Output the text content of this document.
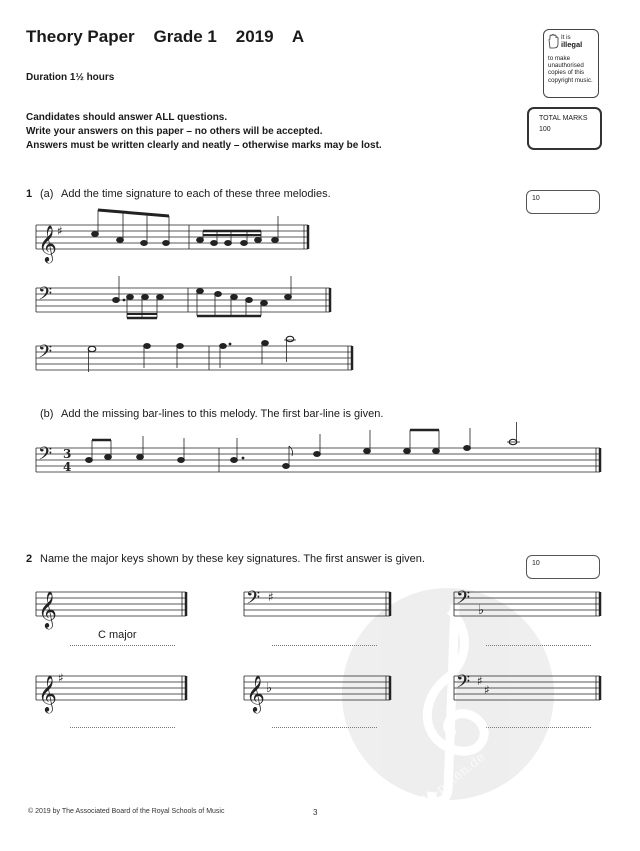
Theory Paper    Grade 1    2019    A
Duration 1½ hours
Candidates should answer ALL questions.
Write your answers on this paper – no others will be accepted.
Answers must be written clearly and neatly – otherwise marks may be lost.
It is
illegal
to make unauthorised copies of this copyright music.
TOTAL MARKS
100
1 (a) Add the time signature to each of these three melodies.	10
(b) Add the missing bar-lines to this melody. The first bar-line is given.
2 Name the major keys shown by these key signatures. The first answer is given.	10
C major
alle-noten.de
𝄞 ♯
𝄢
𝄢
𝄢 3
4
𝄞	𝄢 ♯	𝄢 ♭
𝄞 ♯	𝄞 ♭	𝄢 ♯
♯
© 2019 by The Associated Board of the Royal Schools of Music	3
